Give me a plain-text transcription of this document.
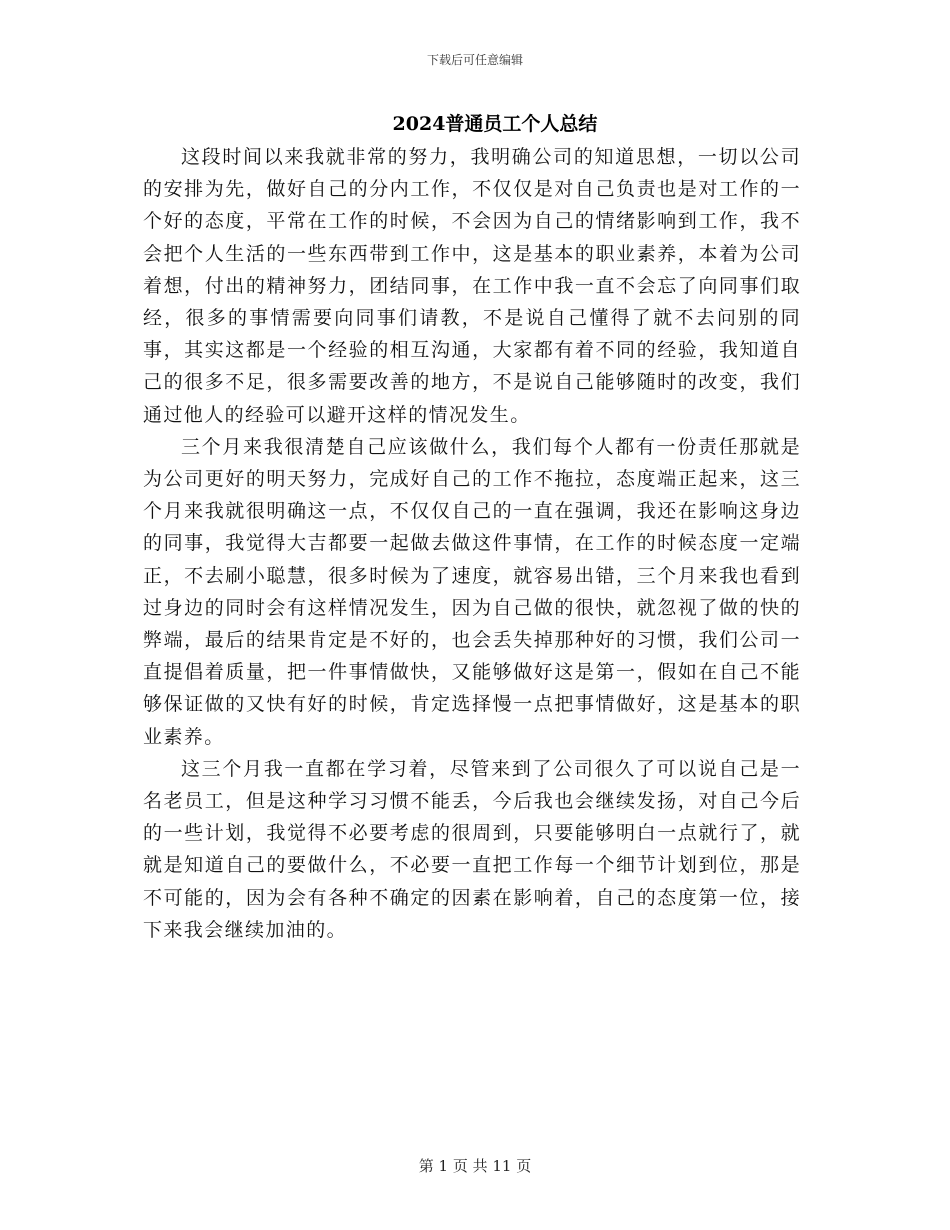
下载后可任意编辑
2024普通员工个人总结

这段时间以来我就非常的努力，我明确公司的知道思想，一切以公司的安排为先，做好自己的分内工作，不仅仅是对自己负责也是对工作的一个好的态度，平常在工作的时候，不会因为自己的情绪影响到工作，我不会把个人生活的一些东西带到工作中，这是基本的职业素养，本着为公司着想，付出的精神努力，团结同事，在工作中我一直不会忘了向同事们取经，很多的事情需要向同事们请教，不是说自己懂得了就不去问别的同事，其实这都是一个经验的相互沟通，大家都有着不同的经验，我知道自己的很多不足，很多需要改善的地方，不是说自己能够随时的改变，我们通过他人的经验可以避开这样的情况发生。

三个月来我很清楚自己应该做什么，我们每个人都有一份责任那就是为公司更好的明天努力，完成好自己的工作不拖拉，态度端正起来，这三个月来我就很明确这一点，不仅仅自己的一直在强调，我还在影响这身边的同事，我觉得大吉都要一起做去做这件事情，在工作的时候态度一定端正，不去刷小聪慧，很多时候为了速度，就容易出错，三个月来我也看到过身边的同时会有这样情况发生，因为自己做的很快，就忽视了做的快的弊端，最后的结果肯定是不好的，也会丢失掉那种好的习惯，我们公司一直提倡着质量，把一件事情做快，又能够做好这是第一，假如在自己不能够保证做的又快有好的时候，肯定选择慢一点把事情做好，这是基本的职业素养。

这三个月我一直都在学习着，尽管来到了公司很久了可以说自己是一名老员工，但是这种学习习惯不能丢，今后我也会继续发扬，对自己今后的一些计划，我觉得不必要考虑的很周到，只要能够明白一点就行了，就就是知道自己的要做什么，不必要一直把工作每一个细节计划到位，那是不可能的，因为会有各种不确定的因素在影响着，自己的态度第一位，接下来我会继续加油的。

第 1 页 共 11 页
